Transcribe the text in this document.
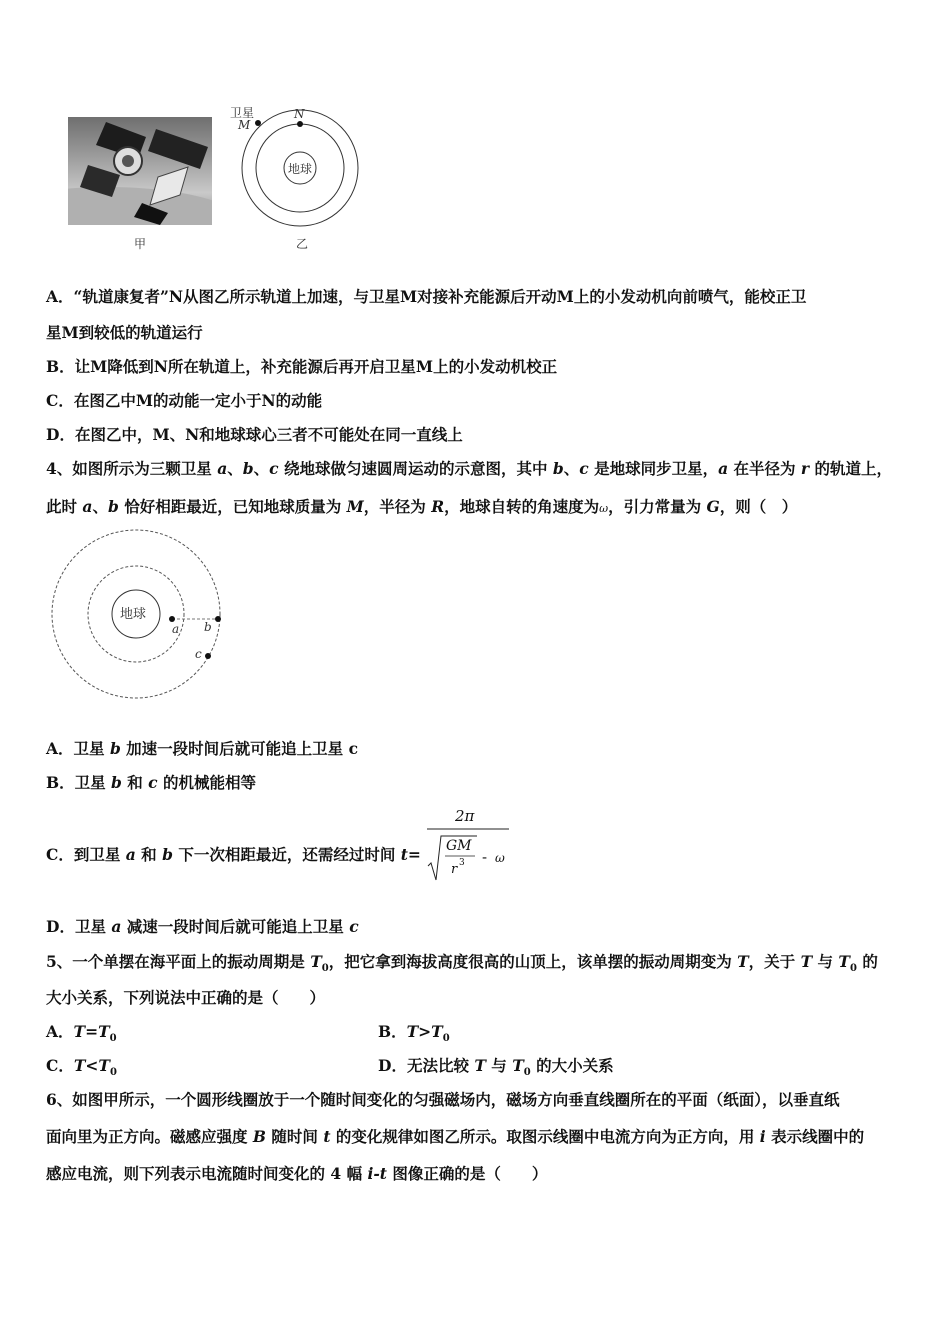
甲
卫星
M
N
地球
乙
A．“轨道康复者”N从图乙所示轨道上加速，与卫星M对接补充能源后开动M上的小发动机向前喷气，能校正卫
星M到较低的轨道运行
B．让M降低到N所在轨道上，补充能源后再开启卫星M上的小发动机校正
C．在图乙中M的动能一定小于N的动能
D．在图乙中，M、N和地球球心三者不可能处在同一直线上
4、如图所示为三颗卫星 a、b、c 绕地球做匀速圆周运动的示意图，其中 b、c 是地球同步卫星，a 在半径为 r 的轨道上，
此时 a、b 恰好相距最近，已知地球质量为 M，半径为 R，地球自转的角速度为ω，引力常量为 G，则（　）
地球
a b
c
A．卫星 b 加速一段时间后就可能追上卫星 c
B．卫星 b 和 c 的机械能相等
C．到卫星 a 和 b 下一次相距最近，还需经过时间 t=
2π
GM
r 3 - ω
D．卫星 a 减速一段时间后就可能追上卫星 c
5、一个单摆在海平面上的振动周期是 $T_0$，把它拿到海拔高度很高的山顶上，该单摆的振动周期变为 T，关于 T 与 $T_0$ 的
大小关系，下列说法中正确的是（　　）
A．$T=T_0$	B．$T>T_0$
C．$T<T_0$	D．无法比较 T 与 $T_0$ 的大小关系
6、如图甲所示，一个圆形线圈放于一个随时间变化的匀强磁场内，磁场方向垂直线圈所在的平面（纸面），以垂直纸
面向里为正方向。磁感应强度 B 随时间 t 的变化规律如图乙所示。取图示线圈中电流方向为正方向，用 i 表示线圈中的
感应电流，则下列表示电流随时间变化的 4 幅 i-t 图像正确的是（　　）
